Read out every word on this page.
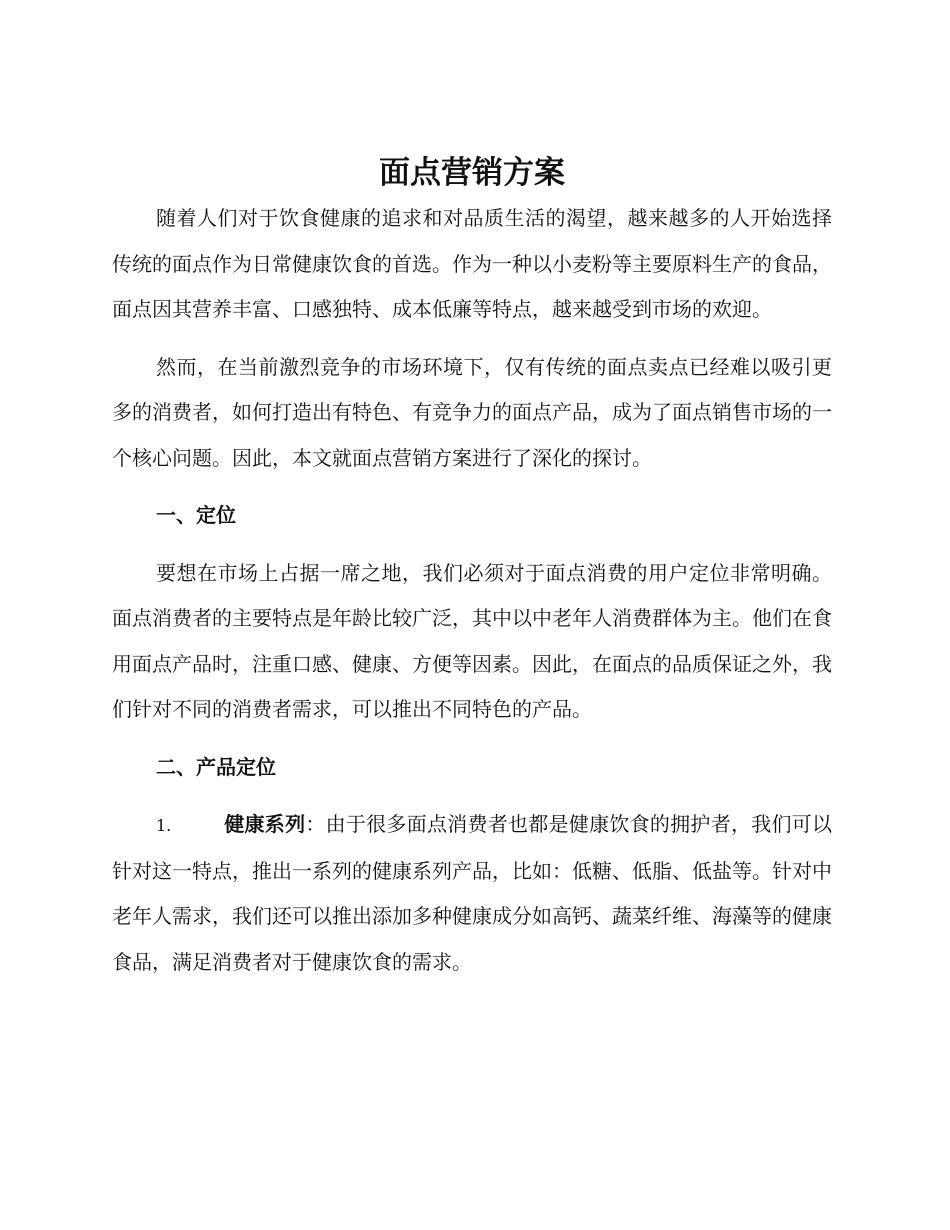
面点营销方案

随着人们对于饮食健康的追求和对品质生活的渴望，越来越多的人开始选择传统的面点作为日常健康饮食的首选。作为一种以小麦粉等主要原料生产的食品，面点因其营养丰富、口感独特、成本低廉等特点，越来越受到市场的欢迎。

然而，在当前激烈竞争的市场环境下，仅有传统的面点卖点已经难以吸引更多的消费者，如何打造出有特色、有竞争力的面点产品，成为了面点销售市场的一个核心问题。因此，本文就面点营销方案进行了深化的探讨。

一、定位

要想在市场上占据一席之地，我们必须对于面点消费的用户定位非常明确。面点消费者的主要特点是年龄比较广泛，其中以中老年人消费群体为主。他们在食用面点产品时，注重口感、健康、方便等因素。因此，在面点的品质保证之外，我们针对不同的消费者需求，可以推出不同特色的产品。

二、产品定位

1.	健康系列：由于很多面点消费者也都是健康饮食的拥护者，我们可以针对这一特点，推出一系列的健康系列产品，比如：低糖、低脂、低盐等。针对中老年人需求，我们还可以推出添加多种健康成分如高钙、蔬菜纤维、海藻等的健康食品，满足消费者对于健康饮食的需求。
